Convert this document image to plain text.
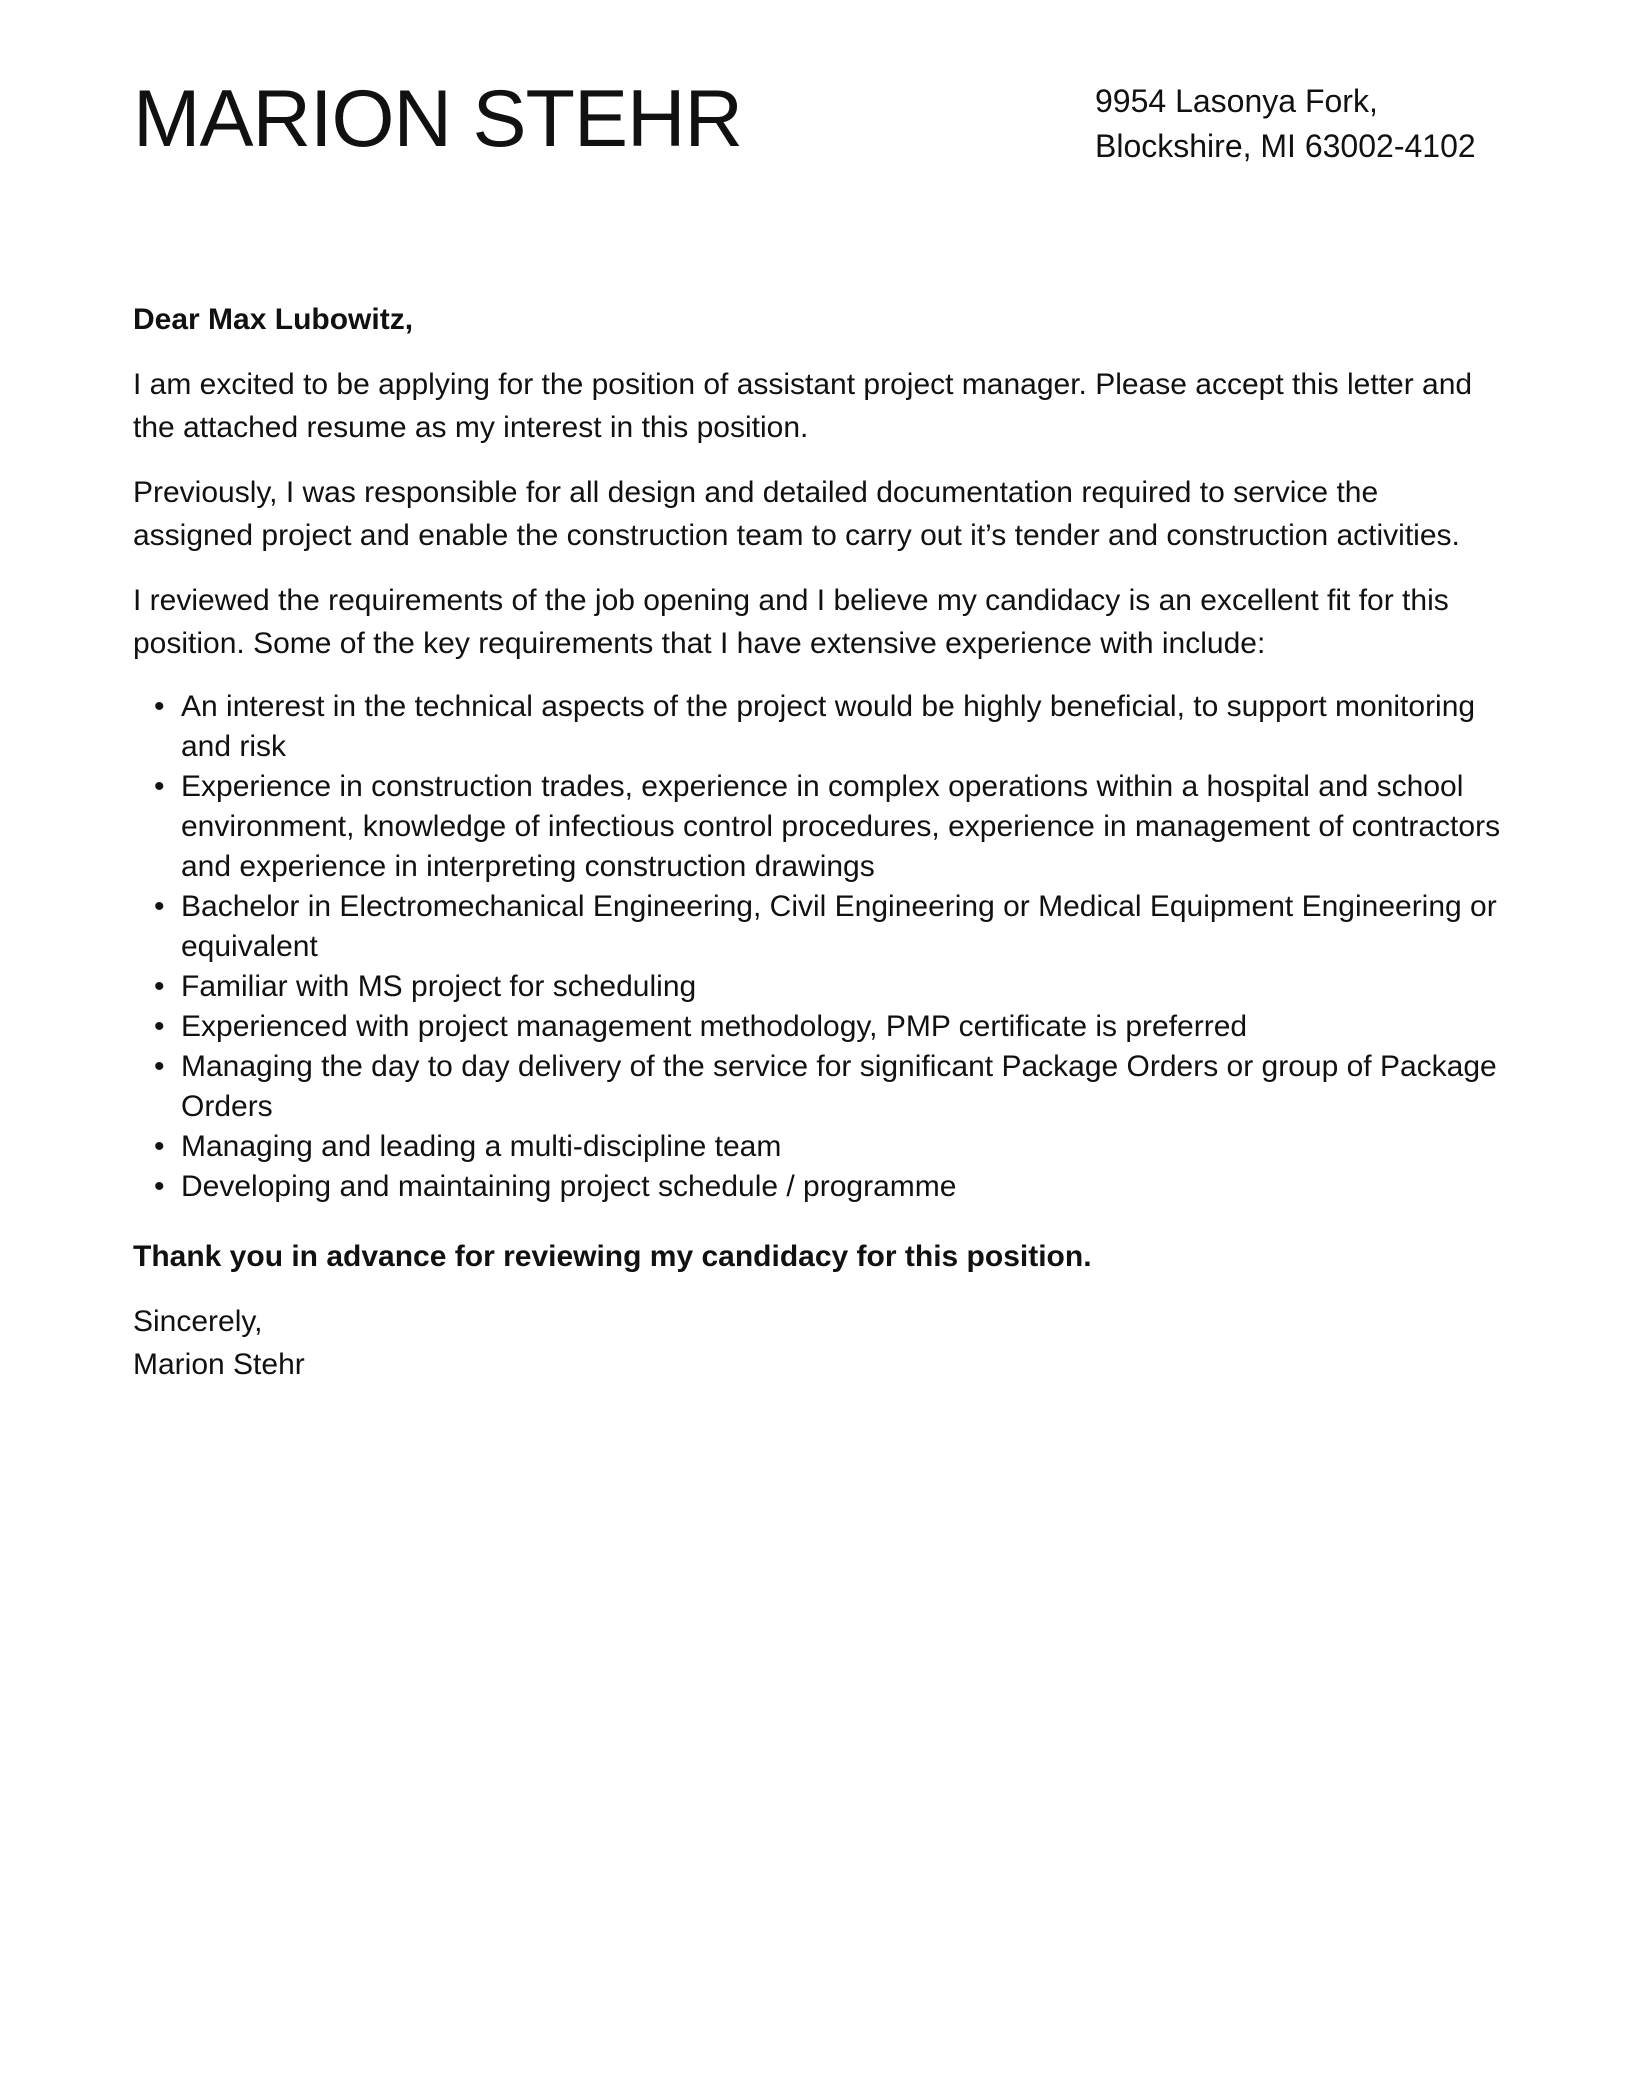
MARION STEHR	9954 Lasonya Fork,
Blockshire, MI 63002-4102

Dear Max Lubowitz,

I am excited to be applying for the position of assistant project manager. Please accept this letter and the attached resume as my interest in this position.

Previously, I was responsible for all design and detailed documentation required to service the assigned project and enable the construction team to carry out it’s tender and construction activities.

I reviewed the requirements of the job opening and I believe my candidacy is an excellent fit for this position. Some of the key requirements that I have extensive experience with include:

• An interest in the technical aspects of the project would be highly beneficial, to support monitoring and risk
• Experience in construction trades, experience in complex operations within a hospital and school environment, knowledge of infectious control procedures, experience in management of contractors and experience in interpreting construction drawings
• Bachelor in Electromechanical Engineering, Civil Engineering or Medical Equipment Engineering or equivalent
• Familiar with MS project for scheduling
• Experienced with project management methodology, PMP certificate is preferred
• Managing the day to day delivery of the service for significant Package Orders or group of Package Orders
• Managing and leading a multi-discipline team
• Developing and maintaining project schedule / programme

Thank you in advance for reviewing my candidacy for this position.

Sincerely,
Marion Stehr
